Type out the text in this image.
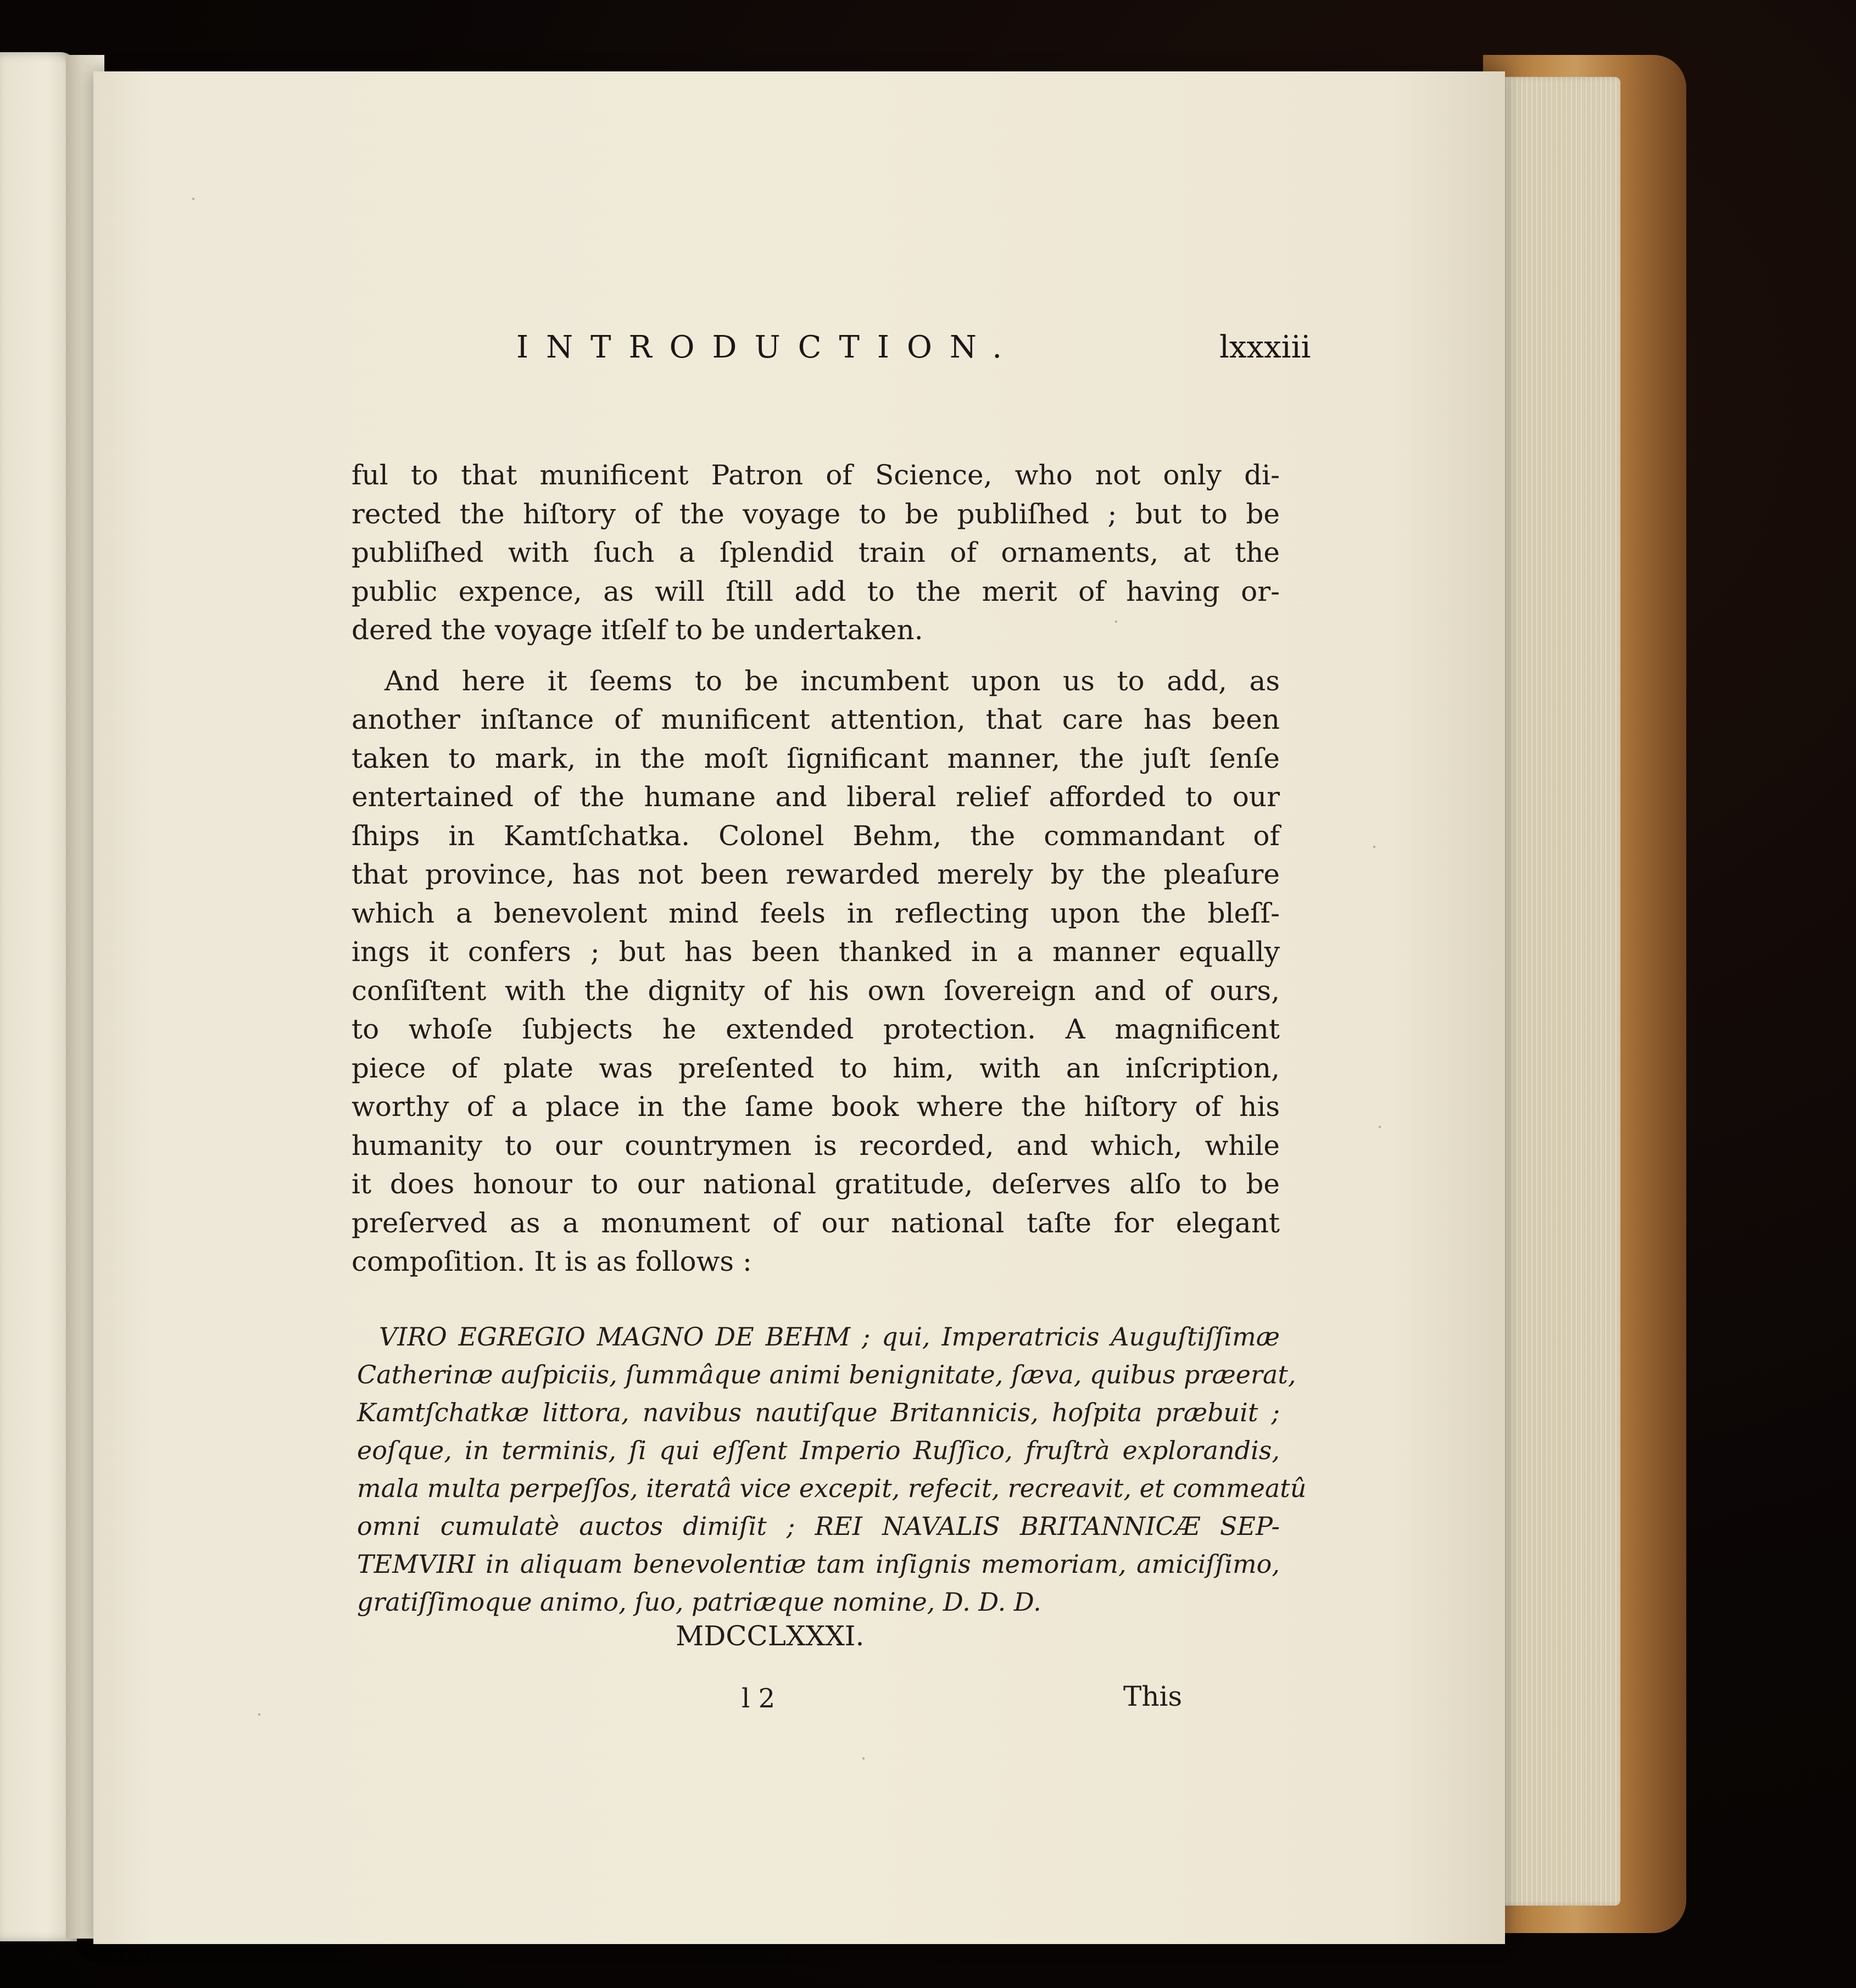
INTRODUCTION.	lxxxiii

ful to that munificent Patron of Science, who not only di-

rected the hiſtory of the voyage to be publiſhed ; but to be

publiſhed with ſuch a ſplendid train of ornaments, at the

public expence, as will ſtill add to the merit of having or-

dered the voyage itſelf to be undertaken.

And here it ſeems to be incumbent upon us to add, as

another inſtance of munificent attention, that care has been

taken to mark, in the moſt ſignificant manner, the juſt ſenſe

entertained of the humane and liberal relief afforded to our

ſhips in Kamtſchatka. Colonel Behm, the commandant of

that province, has not been rewarded merely by the pleaſure

which a benevolent mind feels in reflecting upon the bleſſ-

ings it confers ; but has been thanked in a manner equally

conſiſtent with the dignity of his own ſovereign and of ours,

to whoſe ſubjects he extended protection. A magnificent

piece of plate was preſented to him, with an inſcription,

worthy of a place in the ſame book where the hiſtory of his

humanity to our countrymen is recorded, and which, while

it does honour to our national gratitude, deſerves alſo to be

preſerved as a monument of our national taſte for elegant

compoſition. It is as follows :

VIRO EGREGIO MAGNO DE BEHM ; qui, Imperatricis Auguſtiſſimæ

Catherinæ auſpiciis, ſummâque animi benignitate, ſæva, quibus præerat,

Kamtſchatkæ littora, navibus nautiſque Britannicis, hoſpita præbuit ;

eoſque, in terminis, ſi qui eſſent Imperio Ruſſico, fruſtrà explorandis,

mala multa perpeſſos, iteratâ vice excepit, refecit, recreavit, et commeatû

omni cumulatè auctos dimiſit ; REI NAVALIS BRITANNICÆ SEP-

TEMVIRI in aliquam benevolentiæ tam inſignis memoriam, amiciſſimo,

gratiſſimoque animo, ſuo, patriæque nomine, D. D. D.

MDCCLXXXI.
l 2	This
